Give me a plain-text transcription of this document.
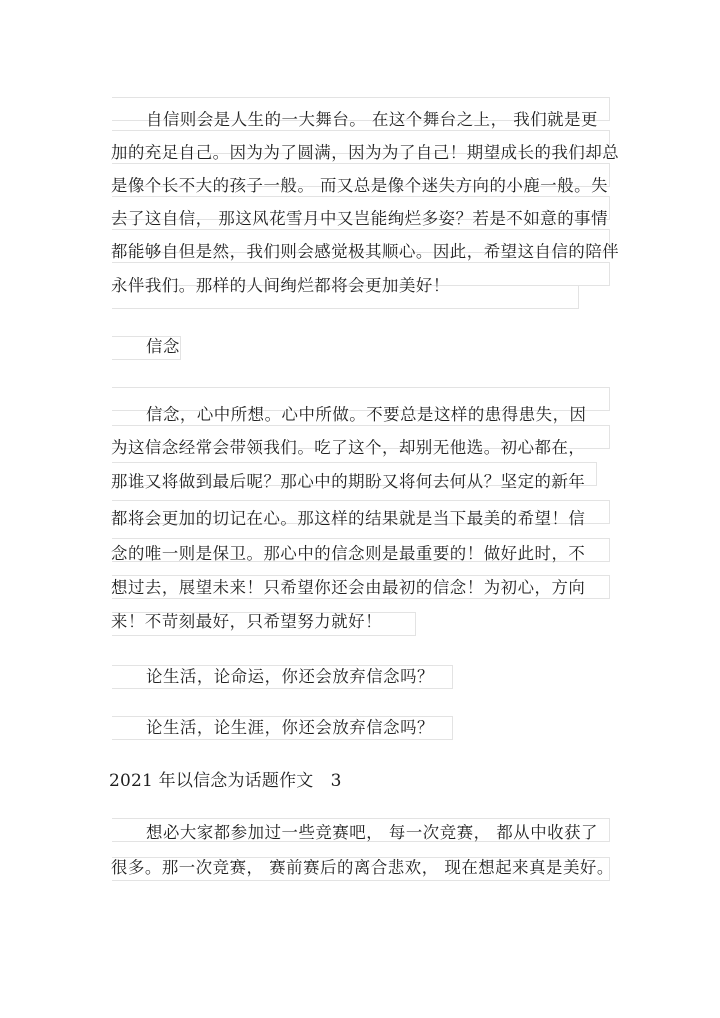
自信则会是人生的一大舞台。 在这个舞台之上， 我们就是更
加的充足自己。因为为了圆满，因为为了自己！期望成长的我们却总
是像个长不大的孩子一般。 而又总是像个迷失方向的小鹿一般。失
去了这自信， 那这风花雪月中又岂能绚烂多姿？若是不如意的事情
都能够自但是然，我们则会感觉极其顺心。因此，希望这自信的陪伴
永伴我们。那样的人间绚烂都将会更加美好！
信念
信念，心中所想。心中所做。不要总是这样的患得患失，因
为这信念经常会带领我们。吃了这个，却别无他选。初心都在，
那谁又将做到最后呢？那心中的期盼又将何去何从？坚定的新年
都将会更加的切记在心。那这样的结果就是当下最美的希望！信
念的唯一则是保卫。那心中的信念则是最重要的！做好此时，不
想过去，展望未来！只希望你还会由最初的信念！为初心，方向
来！不苛刻最好，只希望努力就好！
论生活，论命运，你还会放弃信念吗？
论生活，论生涯，你还会放弃信念吗？
2021 年以信念为话题作文　3
想必大家都参加过一些竞赛吧， 每一次竞赛， 都从中收获了
很多。那一次竞赛， 赛前赛后的离合悲欢， 现在想起来真是美好。
